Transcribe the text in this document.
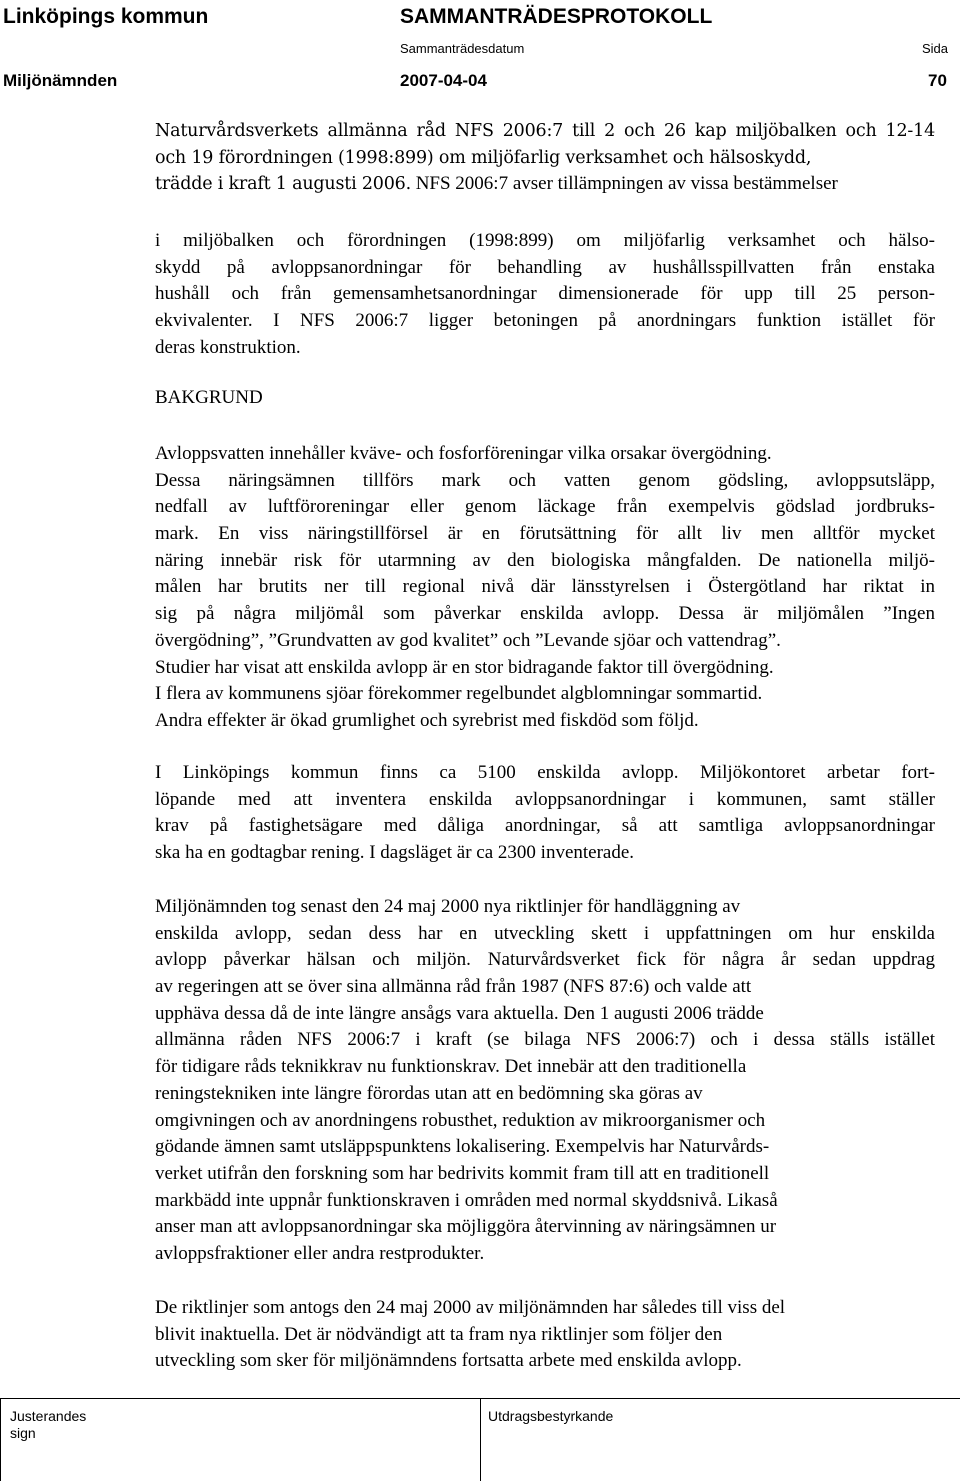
Linköpings kommun	SAMMANTRÄDESPROTOKOLL
Sammanträdesdatum	Sida
Miljönämnden	2007-04-04	70
Naturvårdsverkets allmänna råd NFS 2006:7 till 2 och 26 kap miljöbalken och 12-14
och 19 förordningen (1998:899) om miljöfarlig verksamhet och hälsoskydd,
trädde i kraft 1 augusti 2006. NFS 2006:7 avser tillämpningen av vissa bestämmelser
i miljöbalken och förordningen (1998:899) om miljöfarlig verksamhet och hälso-
skydd på avloppsanordningar för behandling av hushållsspillvatten från enstaka
hushåll och från gemensamhetsanordningar dimensionerade för upp till 25 person-
ekvivalenter. I NFS 2006:7 ligger betoningen på anordningars funktion istället för
deras konstruktion.
BAKGRUND
Avloppsvatten innehåller kväve- och fosforföreningar vilka orsakar övergödning.
Dessa näringsämnen tillförs mark och vatten genom gödsling, avloppsutsläpp,
nedfall av luftföroreningar eller genom läckage från exempelvis gödslad jordbruks-
mark. En viss näringstillförsel är en förutsättning för allt liv men alltför mycket
näring innebär risk för utarmning av den biologiska mångfalden. De nationella miljö-
målen har brutits ner till regional nivå där länsstyrelsen i Östergötland har riktat in
sig på några miljömål som påverkar enskilda avlopp. Dessa är miljömålen ”Ingen
övergödning”, ”Grundvatten av god kvalitet” och ”Levande sjöar och vattendrag”.
Studier har visat att enskilda avlopp är en stor bidragande faktor till övergödning.
I flera av kommunens sjöar förekommer regelbundet algblomningar sommartid.
Andra effekter är ökad grumlighet och syrebrist med fiskdöd som följd.
I Linköpings kommun finns ca 5100 enskilda avlopp. Miljökontoret arbetar fort-
löpande med att inventera enskilda avloppsanordningar i kommunen, samt ställer
krav på fastighetsägare med dåliga anordningar, så att samtliga avloppsanordningar
ska ha en godtagbar rening. I dagsläget är ca 2300 inventerade.
Miljönämnden tog senast den 24 maj 2000 nya riktlinjer för handläggning av
enskilda avlopp, sedan dess har en utveckling skett i uppfattningen om hur enskilda
avlopp påverkar hälsan och miljön. Naturvårdsverket fick för några år sedan uppdrag
av regeringen att se över sina allmänna råd från 1987 (NFS 87:6) och valde att
upphäva dessa då de inte längre ansågs vara aktuella. Den 1 augusti 2006 trädde
allmänna råden NFS 2006:7 i kraft (se bilaga NFS 2006:7) och i dessa ställs istället
för tidigare råds teknikkrav nu funktionskrav. Det innebär att den traditionella
reningstekniken inte längre förordas utan att en bedömning ska göras av
omgivningen och av anordningens robusthet, reduktion av mikroorganismer och
gödande ämnen samt utsläppspunktens lokalisering. Exempelvis har Naturvårds-
verket utifrån den forskning som har bedrivits kommit fram till att en traditionell
markbädd inte uppnår funktionskraven i områden med normal skyddsnivå. Likaså
anser man att avloppsanordningar ska möjliggöra återvinning av näringsämnen ur
avloppsfraktioner eller andra restprodukter.
De riktlinjer som antogs den 24 maj 2000 av miljönämnden har således till viss del
blivit inaktuella. Det är nödvändigt att ta fram nya riktlinjer som följer den
utveckling som sker för miljönämndens fortsatta arbete med enskilda avlopp.
Justerandes
sign
Utdragsbestyrkande
